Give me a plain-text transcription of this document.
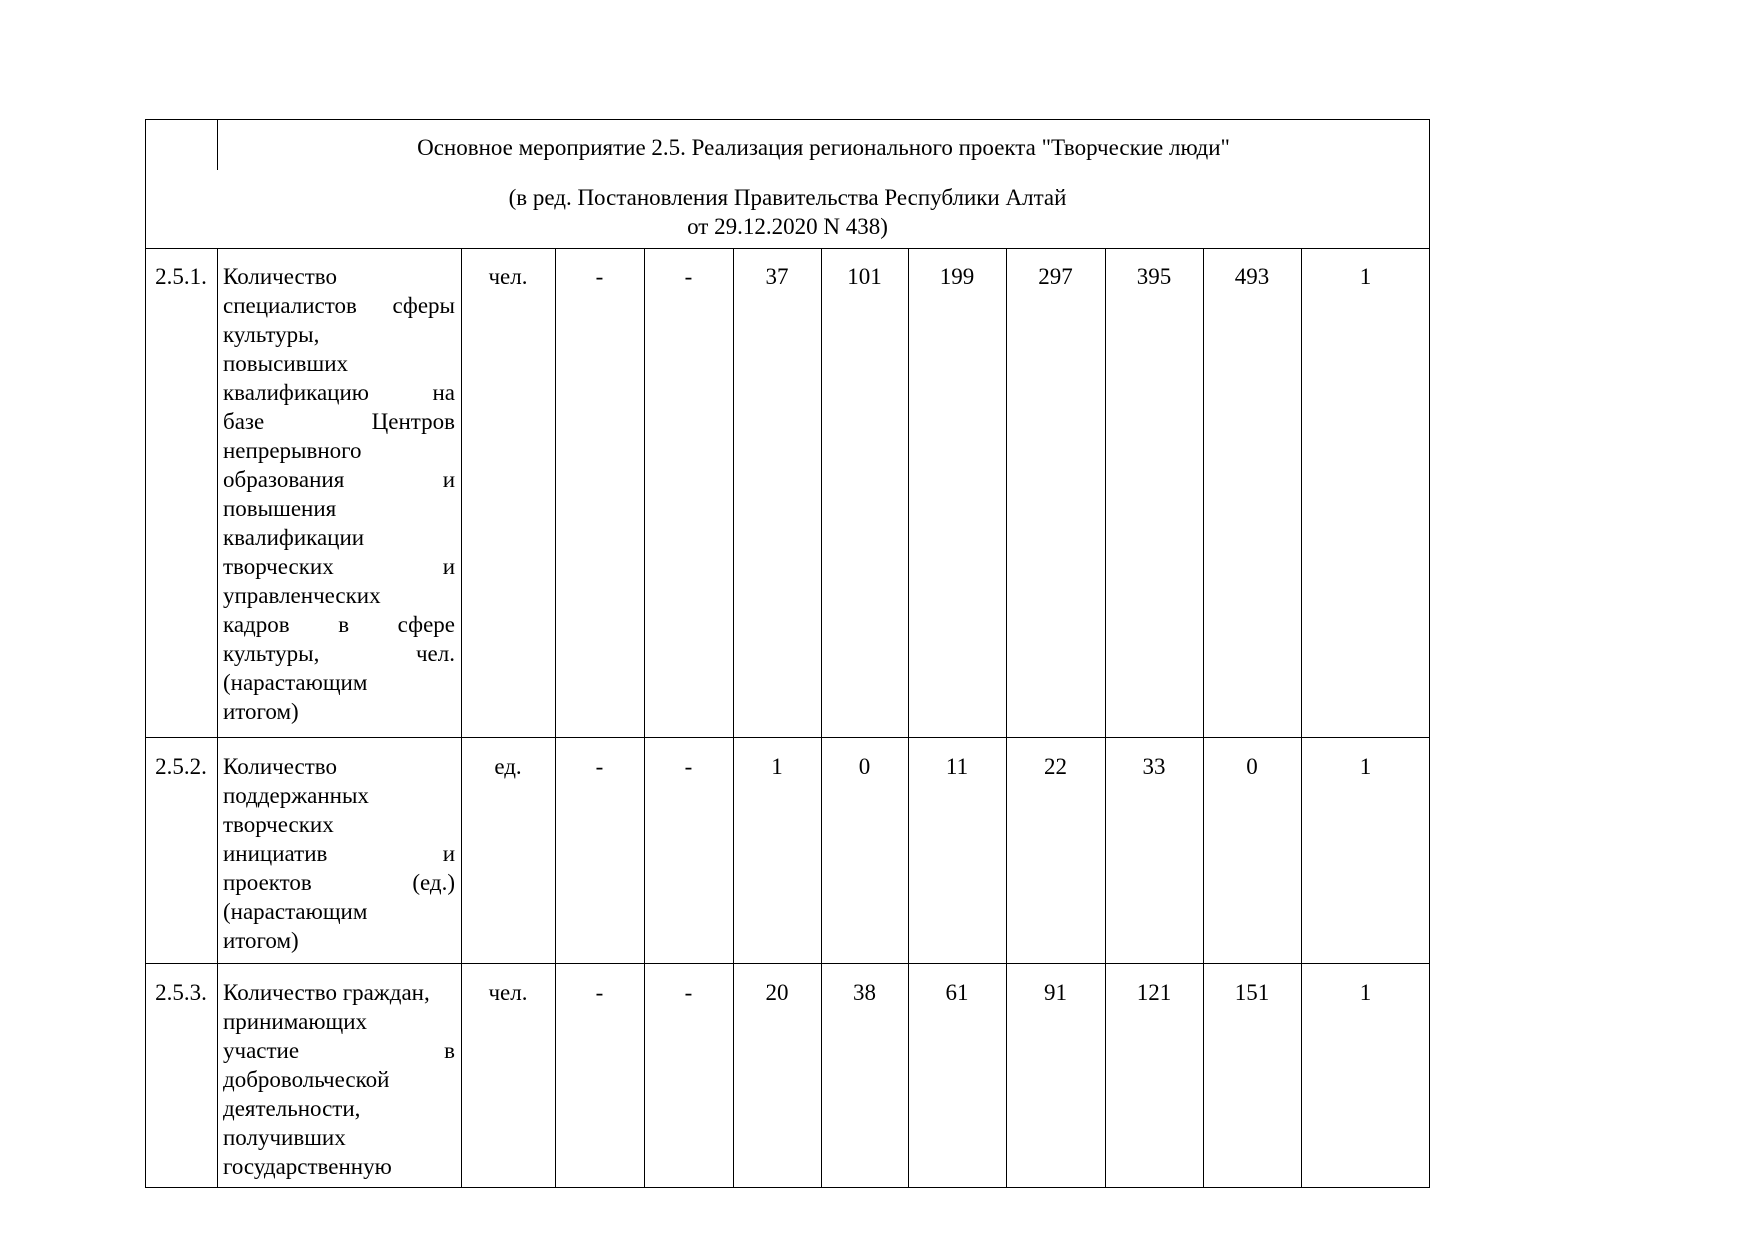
Основное мероприятие 2.5. Реализация регионального проекта "Творческие люди"
(в ред. Постановления Правительства Республики Алтай
от 29.12.2020 N 438)
2.5.1. Количество
специалистов сферы
культуры,
повысивших
квалификацию	на
базе	Центров
непрерывного
образования	и
повышения
квалификации
творческих	и
управленческих
кадров в сфере
культуры,	чел.
(нарастающим
итогом)
чел.	-	-	37	101	199	297	395	493	1
2.5.2. Количество
поддержанных
творческих
инициатив	и
проектов	(ед.)
(нарастающим
итогом)
ед.	-	-	1	0	11	22	33	0	1
2.5.3. Количество граждан,
принимающих
участие	в
добровольческой
деятельности,
получивших
государственную
чел.	-	-	20	38	61	91	121	151	1
